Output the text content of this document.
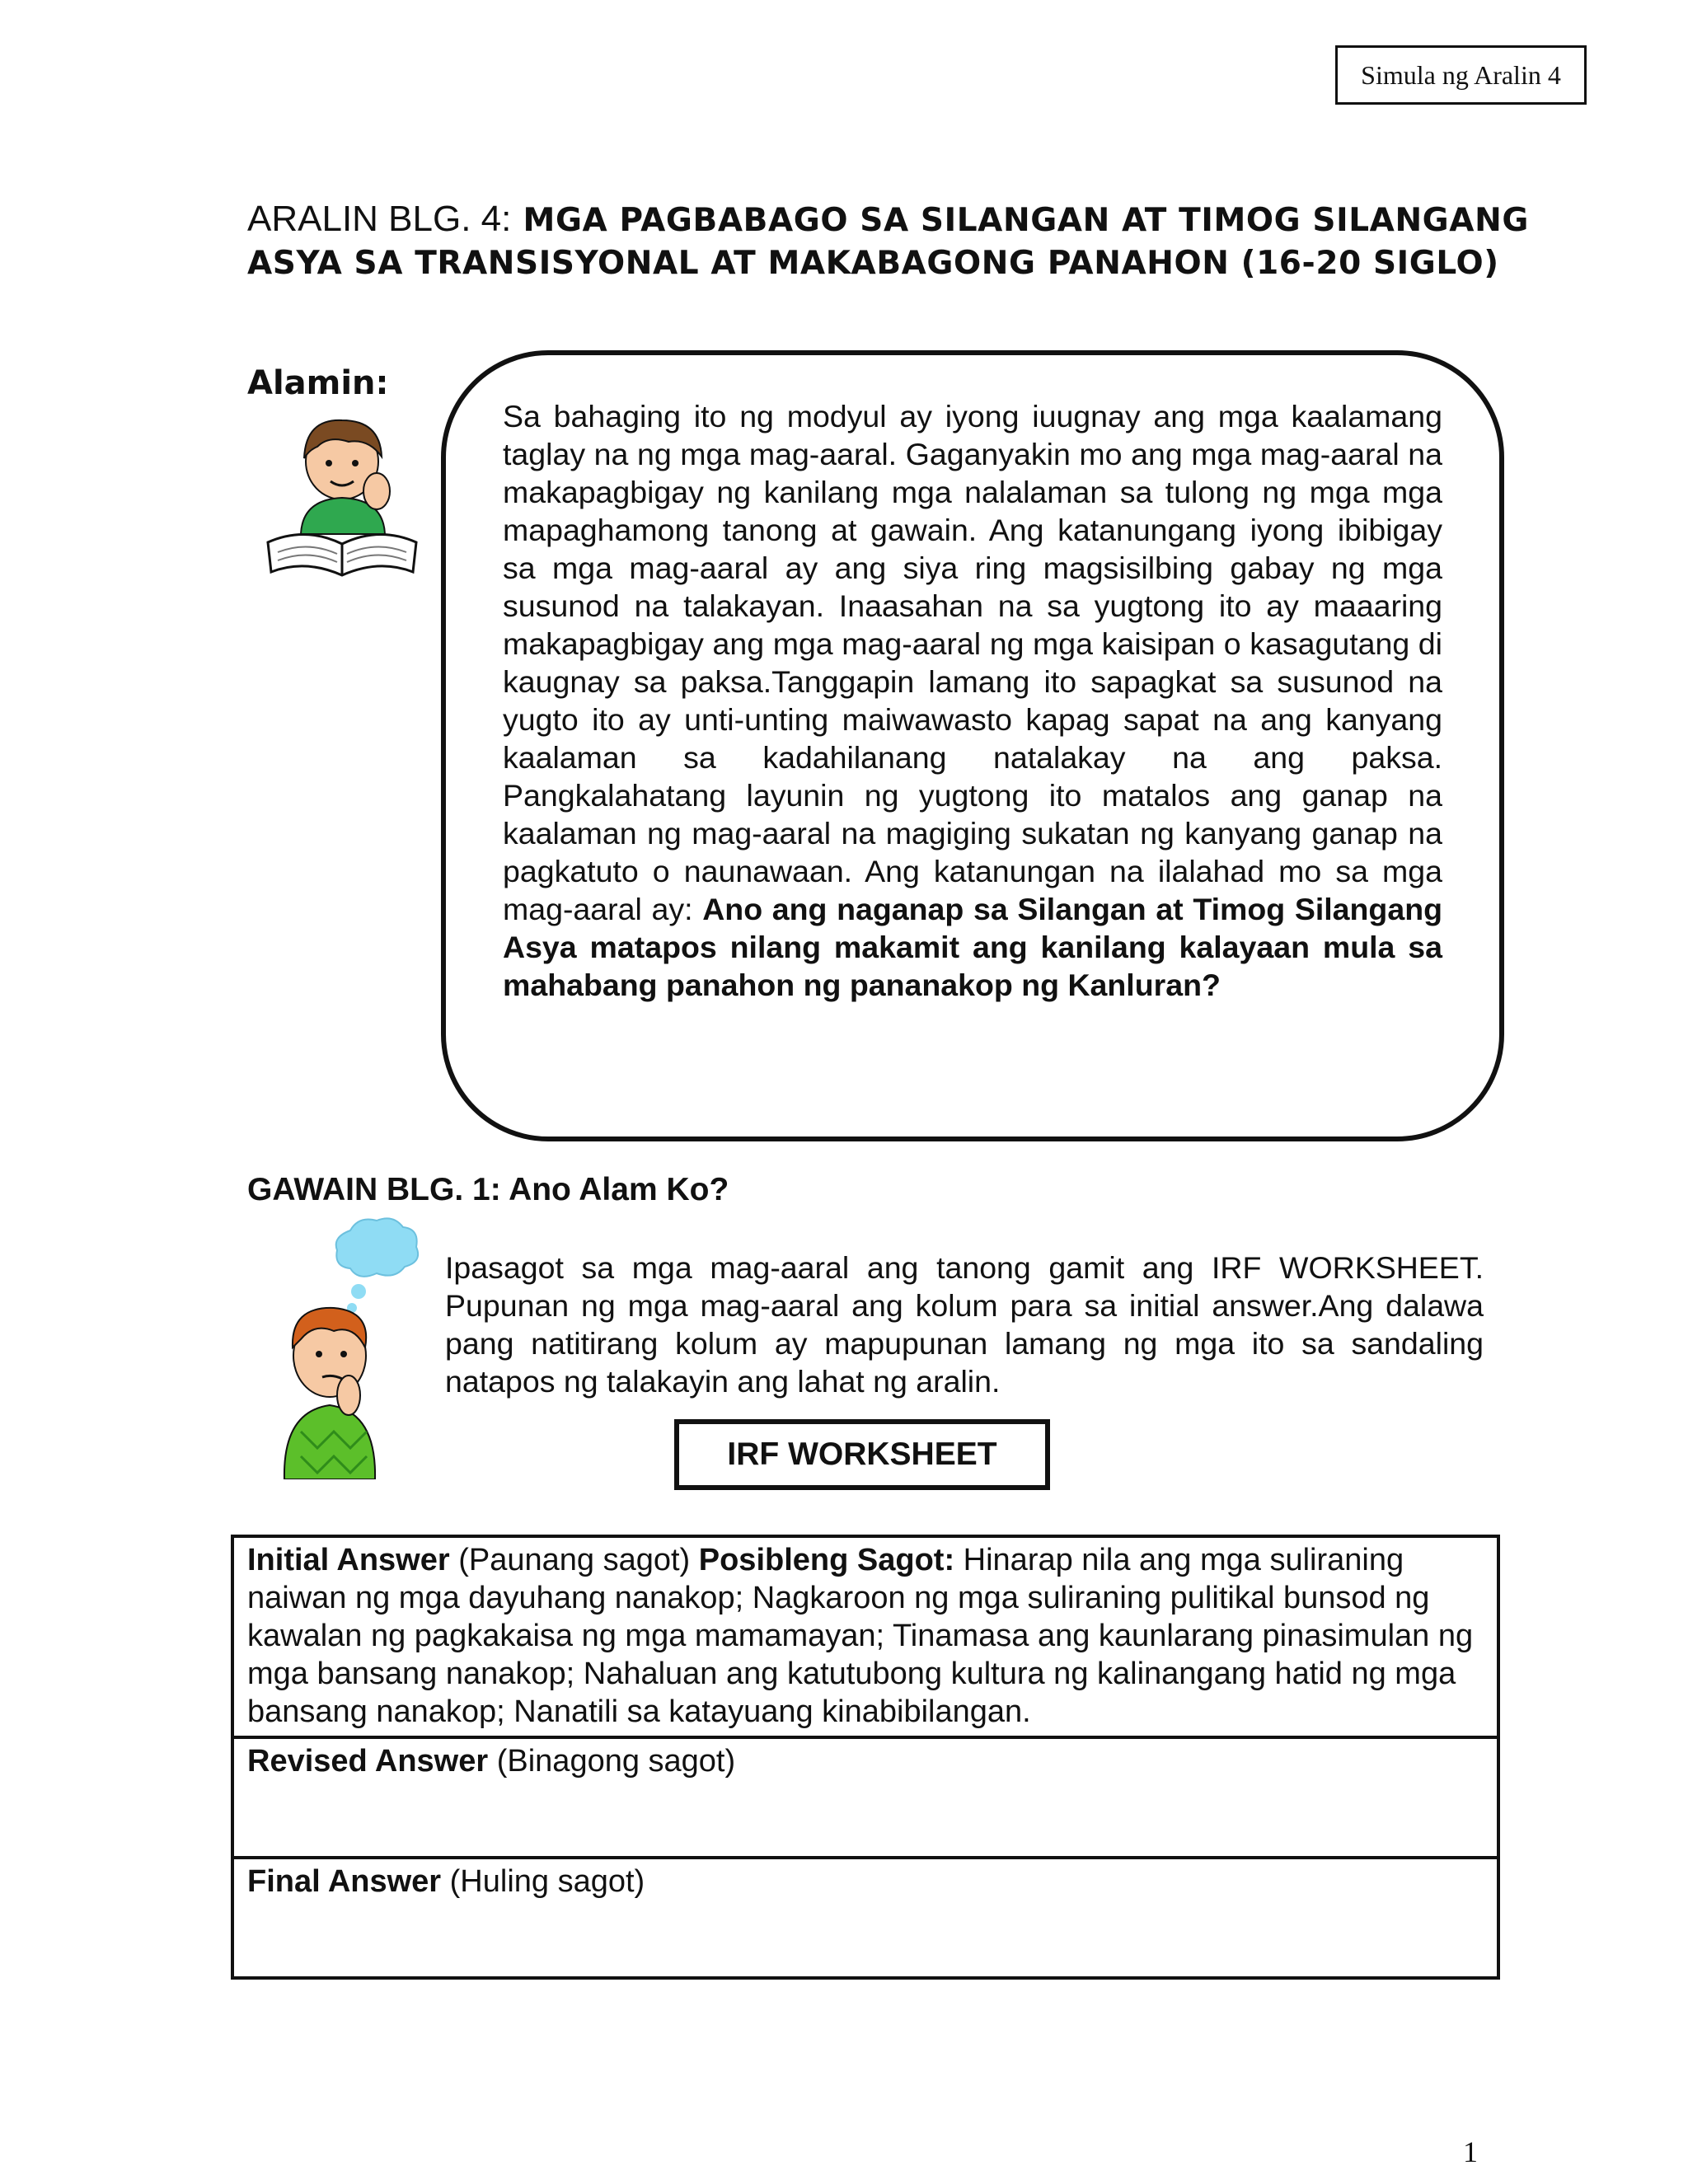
Simula ng Aralin 4
ARALIN BLG. 4: MGA PAGBABAGO SA SILANGAN AT TIMOG SILANGANG ASYA SA TRANSISYONAL AT MAKABAGONG PANAHON (16-20 SIGLO)
Alamin:
Sa bahaging ito ng modyul ay iyong iuugnay ang mga kaalamang taglay na ng mga mag-aaral. Gaganyakin mo ang mga mag-aaral na makapagbigay ng kanilang mga nalalaman sa tulong ng mga mga mapaghamong tanong at gawain. Ang katanungang iyong ibibigay sa mga mag-aaral ay ang siya ring magsisilbing gabay ng mga susunod na talakayan. Inaasahan na sa yugtong ito ay maaaring makapagbigay ang mga mag-aaral ng mga kaisipan o kasagutang di kaugnay sa paksa.Tanggapin lamang ito sapagkat sa susunod na yugto ito ay unti-unting maiwawasto kapag sapat na ang kanyang kaalaman sa kadahilanang natalakay na ang paksa. Pangkalahatang layunin ng yugtong ito matalos ang ganap na kaalaman ng mag-aaral na magiging sukatan ng kanyang ganap na pagkatuto o naunawaan. Ang katanungan na ilalahad mo sa mga mag-aaral ay: Ano ang naganap sa Silangan at Timog Silangang Asya matapos nilang makamit ang kanilang kalayaan mula sa mahabang panahon ng pananakop ng Kanluran?
GAWAIN BLG. 1: Ano Alam Ko?
Ipasagot sa mga mag-aaral ang tanong gamit ang IRF WORKSHEET. Pupunan ng mga mag-aaral ang kolum para sa initial answer.Ang dalawa pang natitirang kolum ay mapupunan lamang ng mga ito sa sandaling natapos ng talakayin ang lahat ng aralin.
IRF WORKSHEET
Initial Answer (Paunang sagot) Posibleng Sagot: Hinarap nila ang mga suliraning naiwan ng mga dayuhang nanakop; Nagkaroon ng mga suliraning pulitikal bunsod ng kawalan ng pagkakaisa ng mga mamamayan; Tinamasa ang kaunlarang pinasimulan ng mga bansang nanakop; Nahaluan ang katutubong kultura ng kalinangang hatid ng mga bansang nanakop; Nanatili sa katayuang kinabibilangan.
Revised Answer (Binagong sagot)
Final Answer (Huling sagot)
1
